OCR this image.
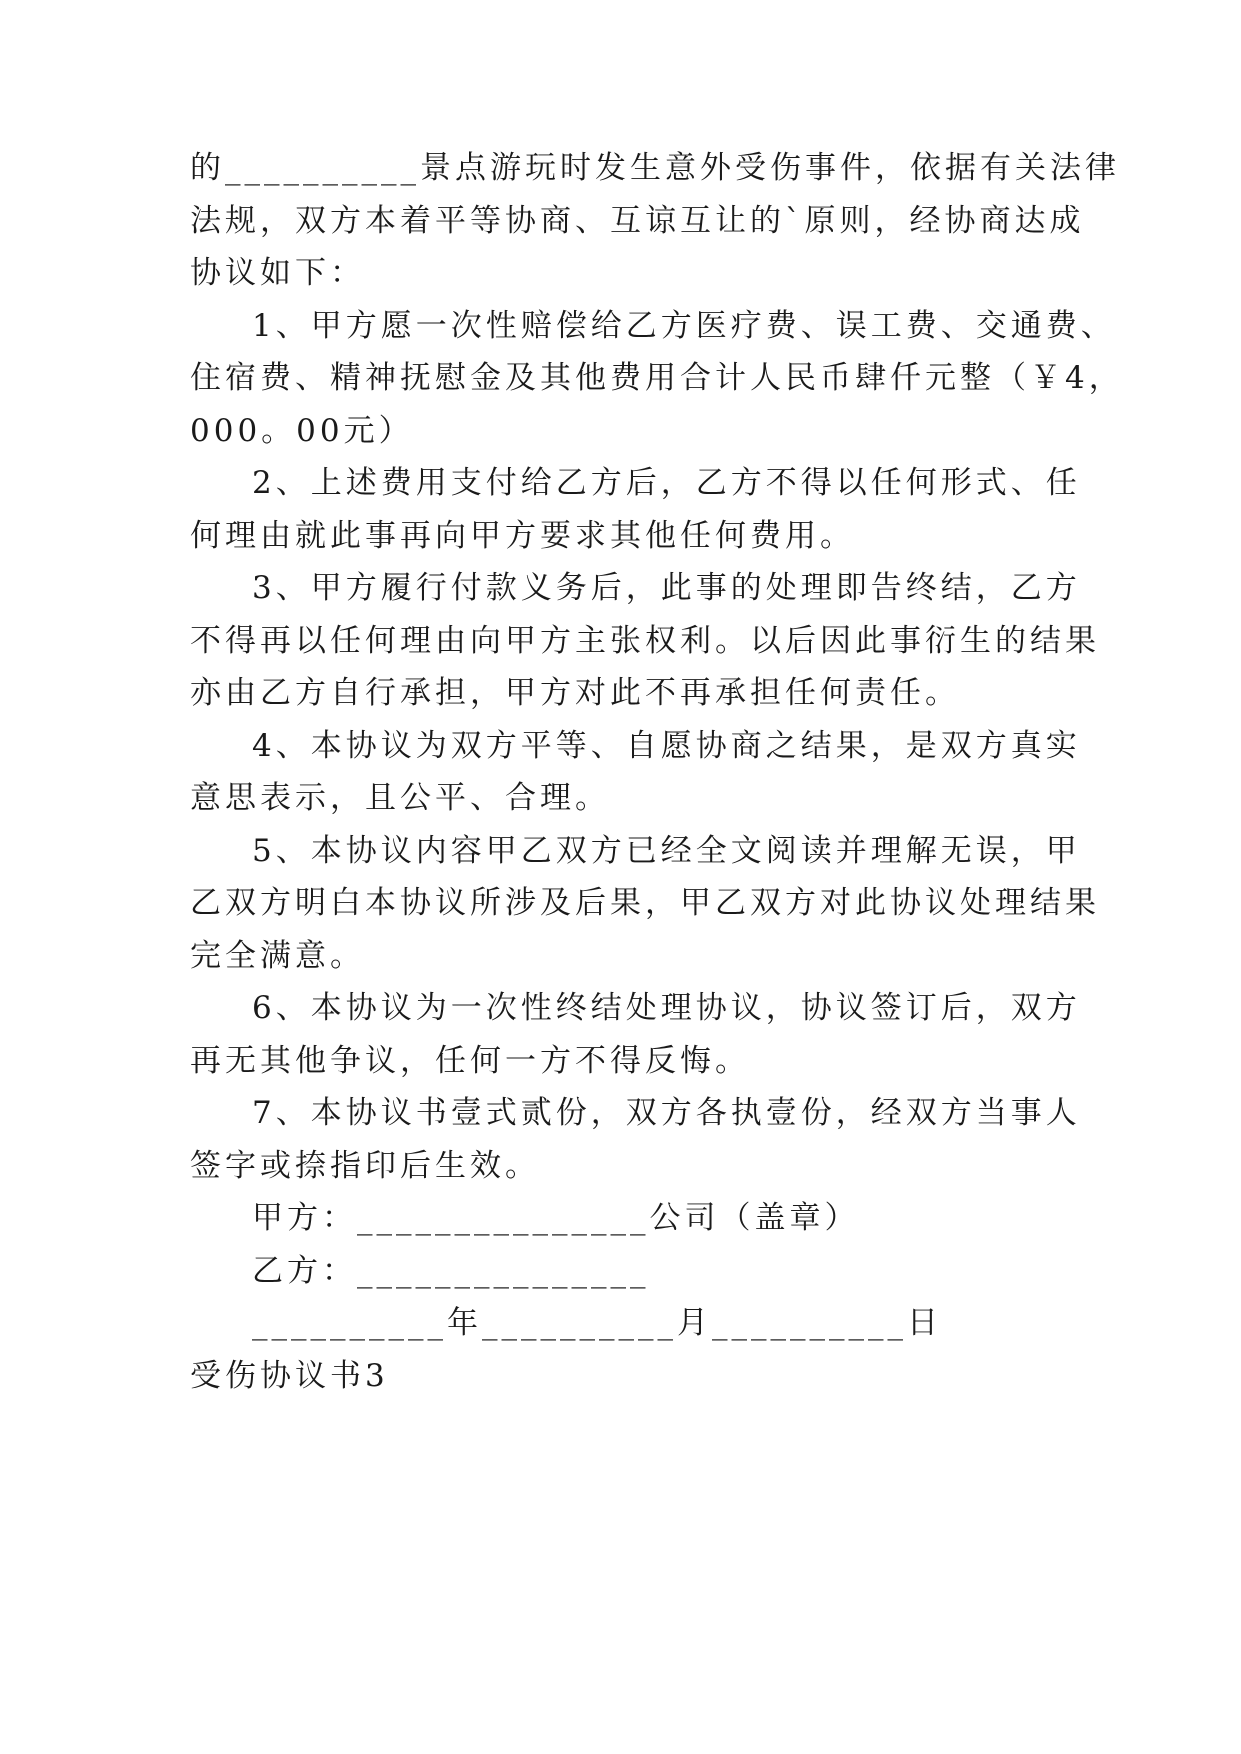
的__________景点游玩时发生意外受伤事件，依据有关法律
法规，双方本着平等协商、互谅互让的`原则，经协商达成
协议如下：
1、甲方愿一次性赔偿给乙方医疗费、误工费、交通费、
住宿费、精神抚慰金及其他费用合计人民币肆仟元整（￥4，
000。00元）
2、上述费用支付给乙方后，乙方不得以任何形式、任
何理由就此事再向甲方要求其他任何费用。
3、甲方履行付款义务后，此事的处理即告终结，乙方
不得再以任何理由向甲方主张权利。以后因此事衍生的结果
亦由乙方自行承担，甲方对此不再承担任何责任。
4、本协议为双方平等、自愿协商之结果，是双方真实
意思表示，且公平、合理。
5、本协议内容甲乙双方已经全文阅读并理解无误，甲
乙双方明白本协议所涉及后果，甲乙双方对此协议处理结果
完全满意。
6、本协议为一次性终结处理协议，协议签订后，双方
再无其他争议，任何一方不得反悔。
7、本协议书壹式贰份，双方各执壹份，经双方当事人
签字或捺指印后生效。
甲方：_______________公司（盖章）
乙方：_______________
__________年__________月__________日
受伤协议书3
